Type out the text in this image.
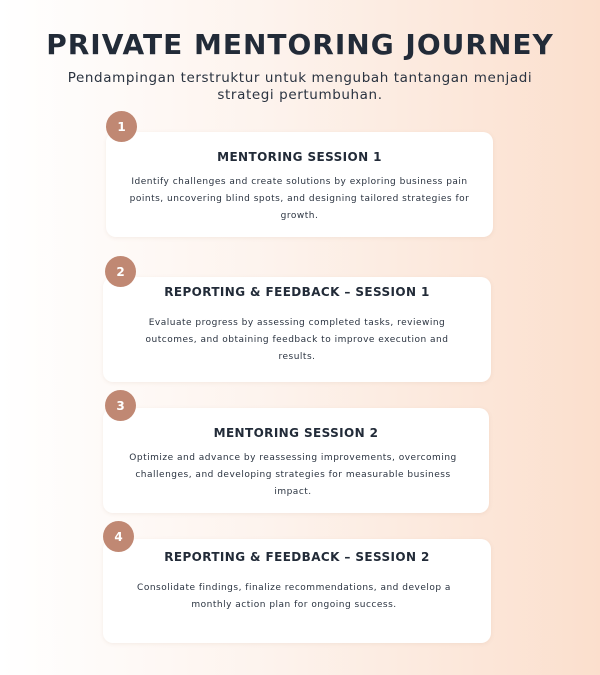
PRIVATE MENTORING JOURNEY
Pendampingan terstruktur untuk mengubah tantangan menjadi strategi pertumbuhan.
MENTORING SESSION 1
Identify challenges and create solutions by exploring business pain points, uncovering blind spots, and designing tailored strategies for growth.
1
REPORTING & FEEDBACK – SESSION 1
Evaluate progress by assessing completed tasks, reviewing outcomes, and obtaining feedback to improve execution and results.
2
MENTORING SESSION 2
Optimize and advance by reassessing improvements, overcoming challenges, and developing strategies for measurable business impact.
3
REPORTING & FEEDBACK – SESSION 2
Consolidate findings, finalize recommendations, and develop a monthly action plan for ongoing success.
4
